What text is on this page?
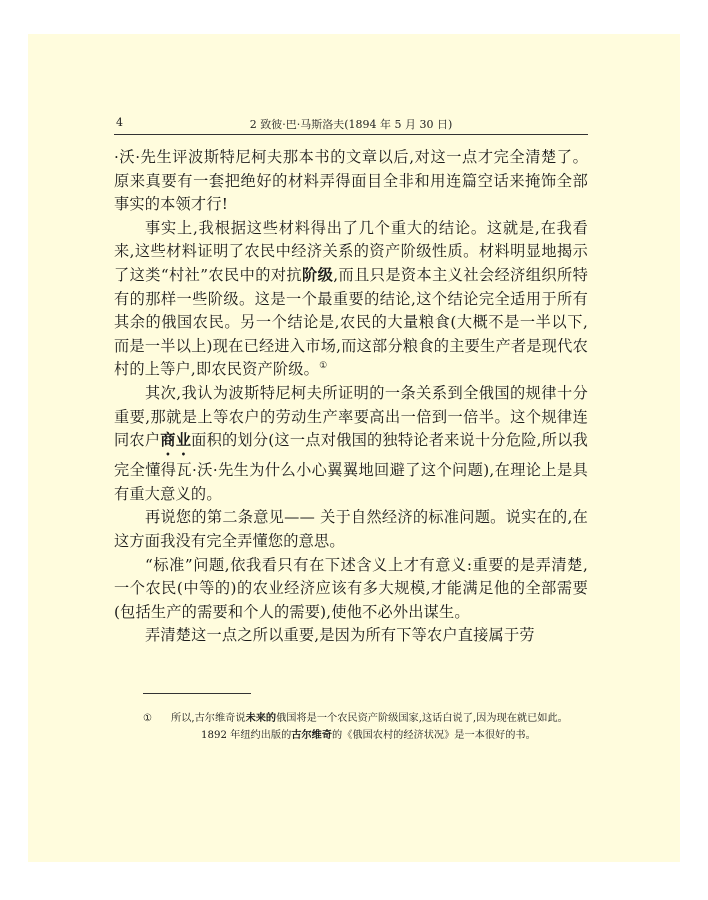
4	2 致彼·巴·马斯洛夫(1894 年 5 月 30 日)

·沃·先生评波斯特尼柯夫那本书的文章以后,对这一点才完全清楚了。原来真要有一套把绝好的材料弄得面目全非和用连篇空话来掩饰全部事实的本领才行!

事实上,我根据这些材料得出了几个重大的结论。这就是,在我看来,这些材料证明了农民中经济关系的资产阶级性质。材料明显地揭示了这类“村社”农民中的对抗阶级,而且只是资本主义社会经济组织所特有的那样一些阶级。这是一个最重要的结论,这个结论完全适用于所有其余的俄国农民。另一个结论是,农民的大量粮食(大概不是一半以下,而是一半以上)现在已经进入市场,而这部分粮食的主要生产者是现代农村的上等户,即农民资产阶级。①

其次,我认为波斯特尼柯夫所证明的一条关系到全俄国的规律十分重要,那就是上等农户的劳动生产率要高出一倍到一倍半。这个规律连同农户商业面积的划分(这一点对俄国的独特论者来说十分危险,所以我完全懂得瓦·沃·先生为什么小心翼翼地回避了这个问题),在理论上是具有重大意义的。

再说您的第二条意见—— 关于自然经济的标准问题。说实在的,在这方面我没有完全弄懂您的意思。

“标准”问题,依我看只有在下述含义上才有意义:重要的是弄清楚,一个农民(中等的)的农业经济应该有多大规模,才能满足他的全部需要(包括生产的需要和个人的需要),使他不必外出谋生。

弄清楚这一点之所以重要,是因为所有下等农户直接属于劳

① 所以,古尔维奇说未来的俄国将是一个农民资产阶级国家,这话白说了,因为现在就已如此。
1892 年纽约出版的古尔维奇的《俄国农村的经济状况》是一本很好的书。
